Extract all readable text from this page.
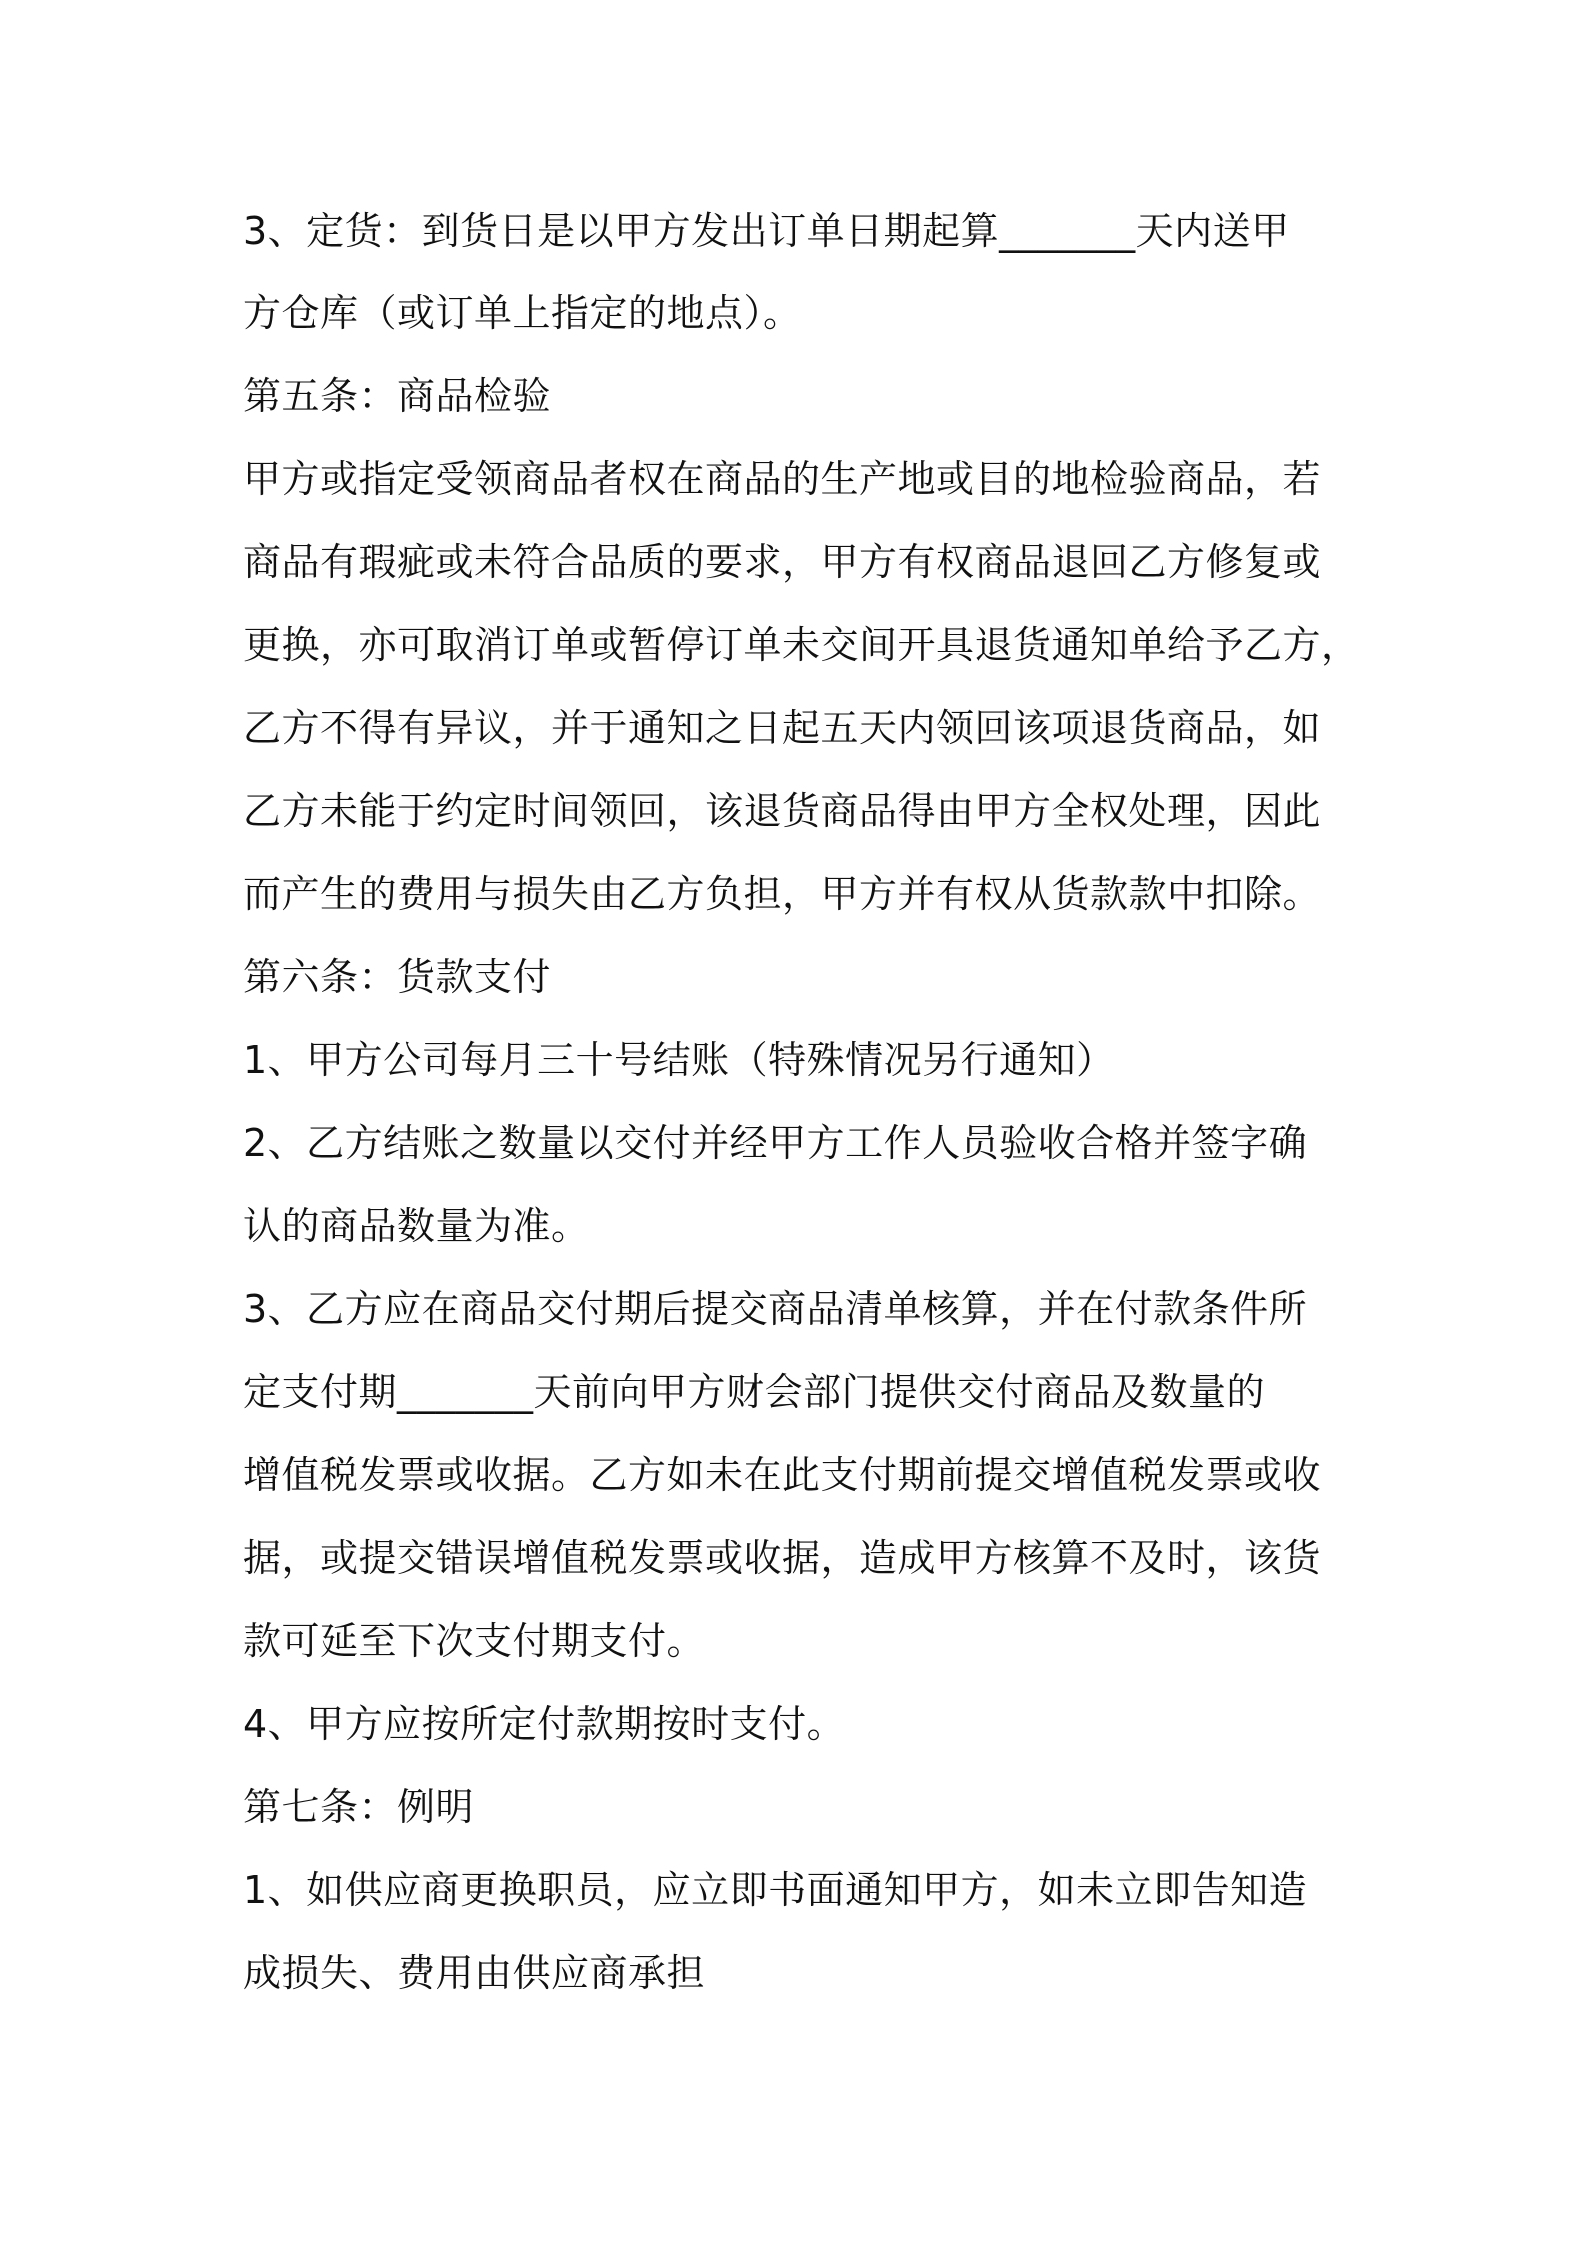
3、定货：到货日是以甲方发出订单日期起算_______天内送甲
方仓库（或订单上指定的地点）。
第五条：商品检验
甲方或指定受领商品者权在商品的生产地或目的地检验商品，若
商品有瑕疵或未符合品质的要求，甲方有权商品退回乙方修复或
更换，亦可取消订单或暂停订单未交间开具退货通知单给予乙方，
乙方不得有异议，并于通知之日起五天内领回该项退货商品，如
乙方未能于约定时间领回，该退货商品得由甲方全权处理，因此
而产生的费用与损失由乙方负担，甲方并有权从货款款中扣除。
第六条：货款支付
1、甲方公司每月三十号结账（特殊情况另行通知）
2、乙方结账之数量以交付并经甲方工作人员验收合格并签字确
认的商品数量为准。
3、乙方应在商品交付期后提交商品清单核算，并在付款条件所
定支付期_______天前向甲方财会部门提供交付商品及数量的
增值税发票或收据。乙方如未在此支付期前提交增值税发票或收
据，或提交错误增值税发票或收据，造成甲方核算不及时，该货
款可延至下次支付期支付。
4、甲方应按所定付款期按时支付。
第七条：例明
1、如供应商更换职员，应立即书面通知甲方，如未立即告知造
成损失、费用由供应商承担
